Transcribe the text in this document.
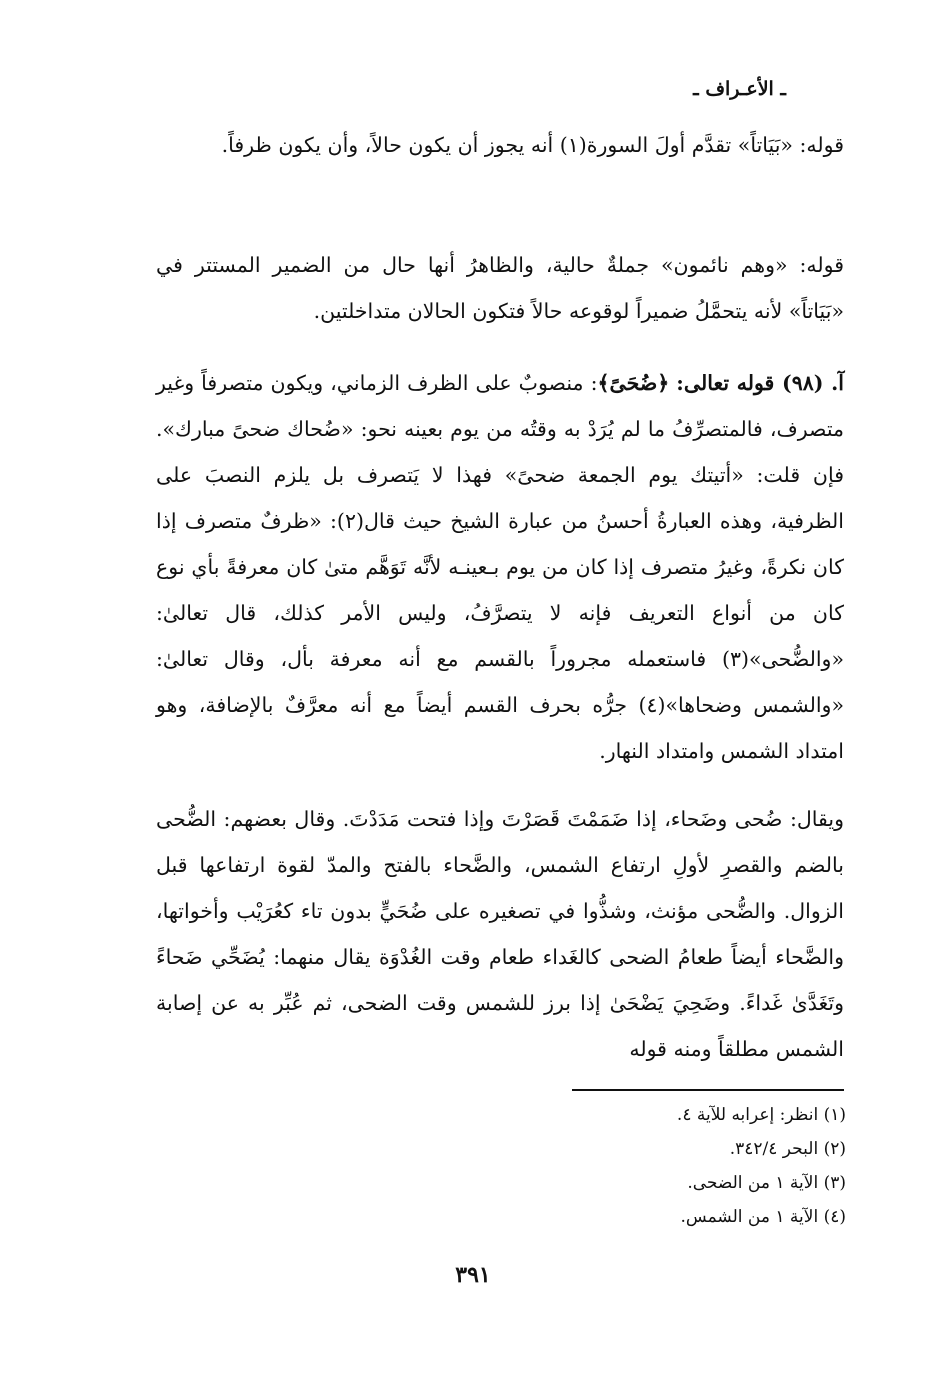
ـ الأعـراف ـ

قوله: «بَيَاتاً» تقدَّم أولَ السورة(١) أنه يجوز أن يكون حالاً، وأن يكون ظرفاً.

قوله: «وهم نائمون» جملةٌ حالية، والظاهرُ أنها حال من الضمير المستتر في «بَيَاتاً» لأنه يتحمَّلُ ضميراً لوقوعه حالاً فتكون الحالان متداخلتين.

آ. (٩٨) قوله تعالى: ﴿ضُحَىً﴾: منصوبٌ على الظرف الزماني، ويكون متصرفاً وغير متصرف، فالمتصرِّفُ ما لم يُرَدْ به وقتُه من يوم بعينه نحو: «ضُحاك ضحىً مبارك». فإن قلت: «أتيتك يوم الجمعة ضحىً» فهذا لا يَتصرف بل يلزم النصبَ على الظرفية، وهذه العبارةُ أحسنُ من عبارة الشيخ حيث قال(٢): «ظرفٌ متصرف إذا كان نكرةً، وغيرُ متصرف إذا كان من يوم بـعينـه لأنَّه تَوَهَّم متىٰ كان معرفةً بأي نوع كان من أنواع التعريف فإنه لا يتصرَّفُ، وليس الأمر كذلك، قال تعالىٰ: «والضُّحى»(٣) فاستعمله مجروراً بالقسم مع أنه معرفة بأل، وقال تعالىٰ: «والشمس وضحاها»(٤) جرُّه بحرف القسم أيضاً مع أنه معرَّفٌ بالإضافة، وهو امتداد الشمس وامتداد النهار.

ويقال: ضُحى وضَحاء، إذا ضَمَمْتَ قَصَرْتَ وإذا فتحت مَدَدْتَ. وقال بعضهم: الضُّحى بالضم والقصرِ لأولِ ارتفاع الشمس، والضَّحاء بالفتح والمدّ لقوة ارتفاعها قبل الزوال. والضُّحى مؤنث، وشذُّوا في تصغيره على ضُحَيٍّ بدون تاء كعُرَيْب وأخواتها، والضَّحاء أيضاً طعامُ الضحى كالغَداء طعام وقت الغُدْوَة يقال منهما: يُضَحِّي ضَحاءً وتَغَدَّىٰ غَداءً. وضَحِيَ يَضْحَىٰ إذا برز للشمس وقت الضحى، ثم عُبِّر به عن إصابة الشمس مطلقاً ومنه قوله

(١) انظر: إعرابه للآية ٤.
(٢) البحر ٣٤٢/٤.
(٣) الآية ١ من الضحى.
(٤) الآية ١ من الشمس.
٣٩١
